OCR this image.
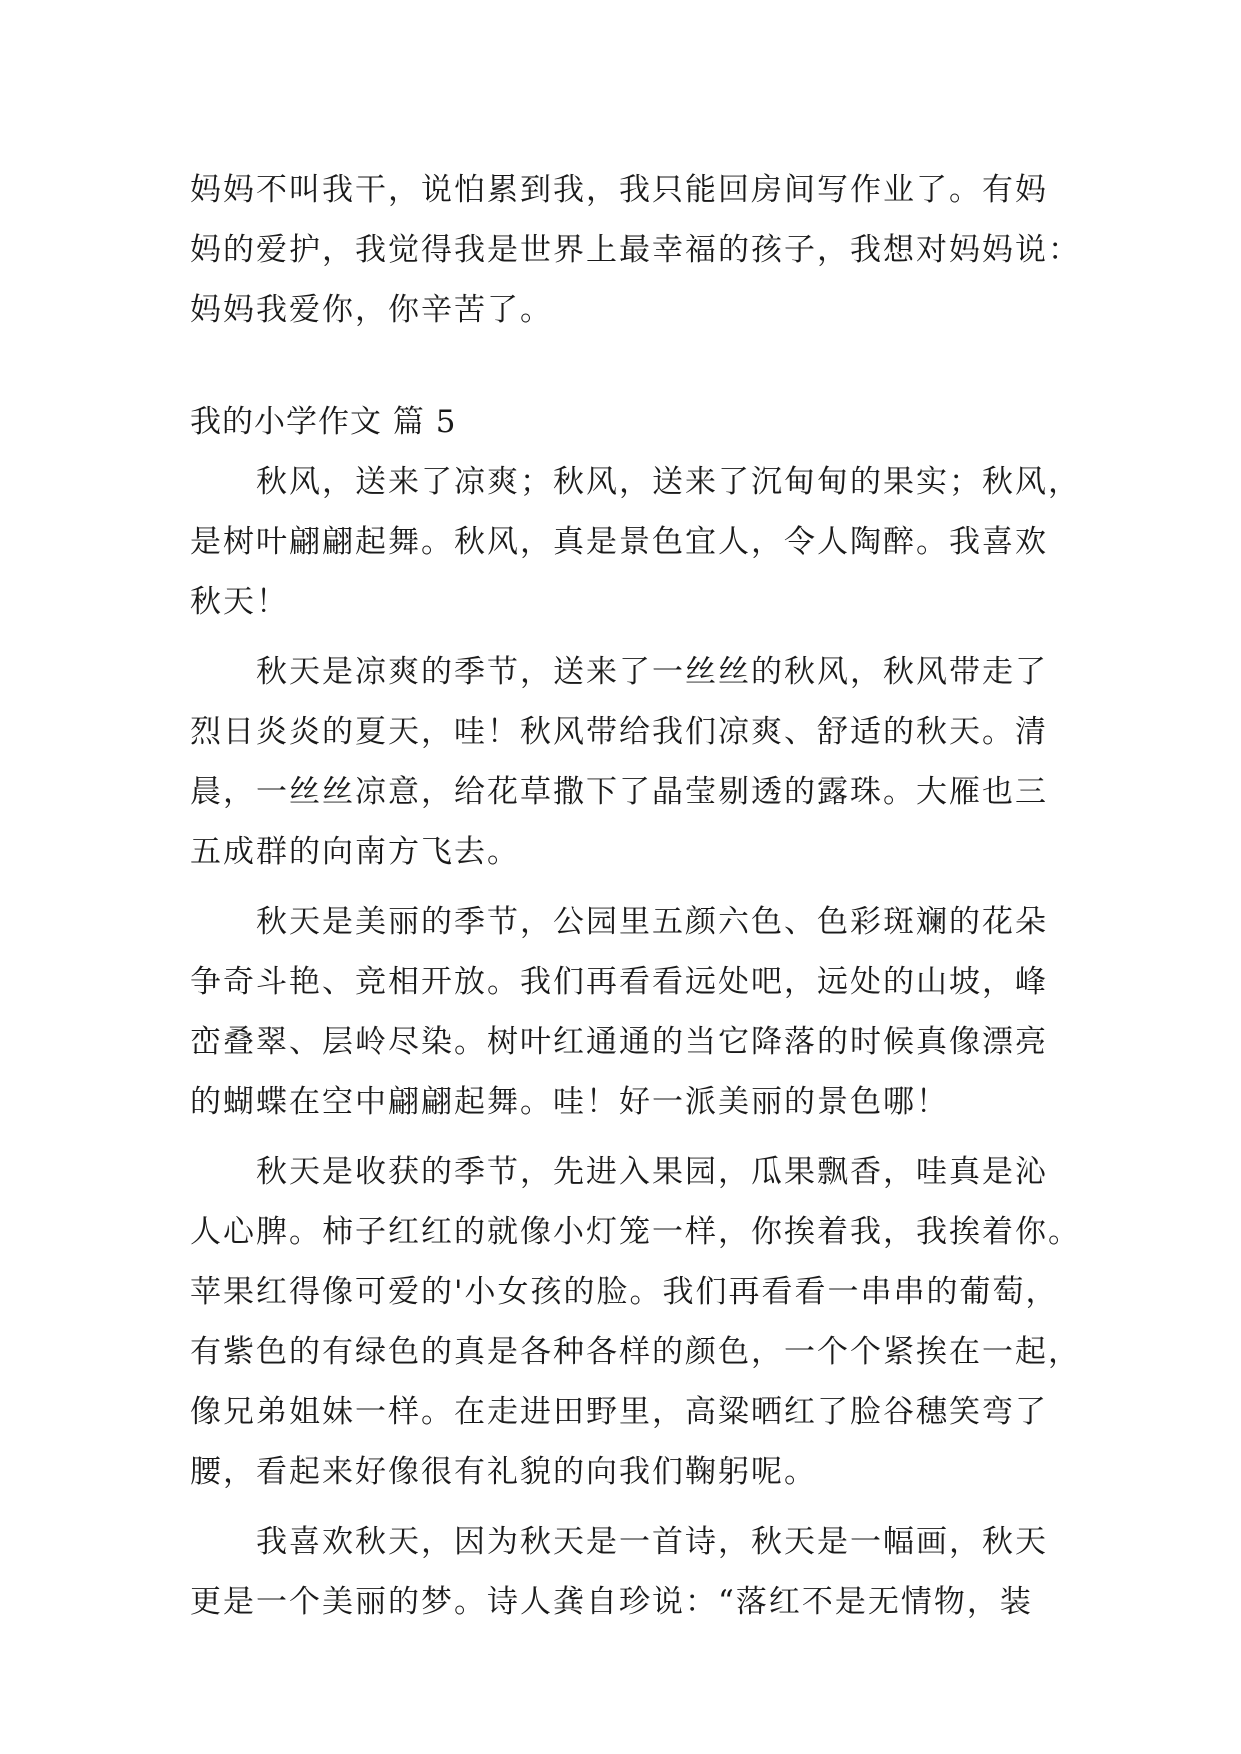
妈妈不叫我干，说怕累到我，我只能回房间写作业了。有妈
妈的爱护，我觉得我是世界上最幸福的孩子，我想对妈妈说：
妈妈我爱你，你辛苦了。
我的小学作文 篇 5
秋风，送来了凉爽；秋风，送来了沉甸甸的果实；秋风，
是树叶翩翩起舞。秋风，真是景色宜人，令人陶醉。我喜欢
秋天！
秋天是凉爽的季节，送来了一丝丝的秋风，秋风带走了
烈日炎炎的夏天，哇！秋风带给我们凉爽、舒适的秋天。清
晨，一丝丝凉意，给花草撒下了晶莹剔透的露珠。大雁也三
五成群的向南方飞去。
秋天是美丽的季节，公园里五颜六色、色彩斑斓的花朵
争奇斗艳、竞相开放。我们再看看远处吧，远处的山坡，峰
峦叠翠、层岭尽染。树叶红通通的当它降落的时候真像漂亮
的蝴蝶在空中翩翩起舞。哇！好一派美丽的景色哪！
秋天是收获的季节，先进入果园，瓜果飘香，哇真是沁
人心脾。柿子红红的就像小灯笼一样，你挨着我，我挨着你。
苹果红得像可爱的'小女孩的脸。我们再看看一串串的葡萄，
有紫色的有绿色的真是各种各样的颜色，一个个紧挨在一起，
像兄弟姐妹一样。在走进田野里，高粱晒红了脸谷穗笑弯了
腰，看起来好像很有礼貌的向我们鞠躬呢。
我喜欢秋天，因为秋天是一首诗，秋天是一幅画，秋天
更是一个美丽的梦。诗人龚自珍说：“落红不是无情物，装
